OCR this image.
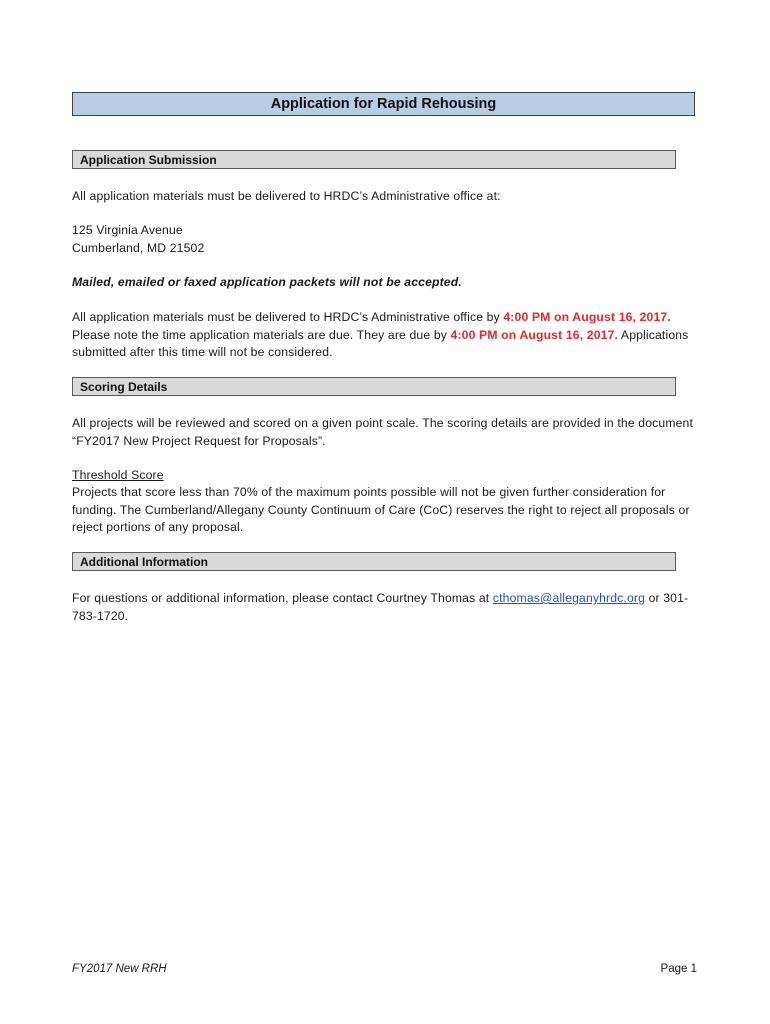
Application for Rapid Rehousing
Application Submission
All application materials must be delivered to HRDC’s Administrative office at:
125 Virginia Avenue
Cumberland, MD 21502
Mailed, emailed or faxed application packets will not be accepted.
All application materials must be delivered to HRDC’s Administrative office by 4:00 PM on August 16, 2017. Please note the time application materials are due. They are due by 4:00 PM on August 16, 2017. Applications submitted after this time will not be considered.
Scoring Details
All projects will be reviewed and scored on a given point scale. The scoring details are provided in the document “FY2017 New Project Request for Proposals”.
Threshold Score
Projects that score less than 70% of the maximum points possible will not be given further consideration for funding. The Cumberland/Allegany County Continuum of Care (CoC) reserves the right to reject all proposals or reject portions of any proposal.
Additional Information
For questions or additional information, please contact Courtney Thomas at cthomas@alleganyhrdc.org or 301-783-1720.
FY2017 New RRH	Page 1
